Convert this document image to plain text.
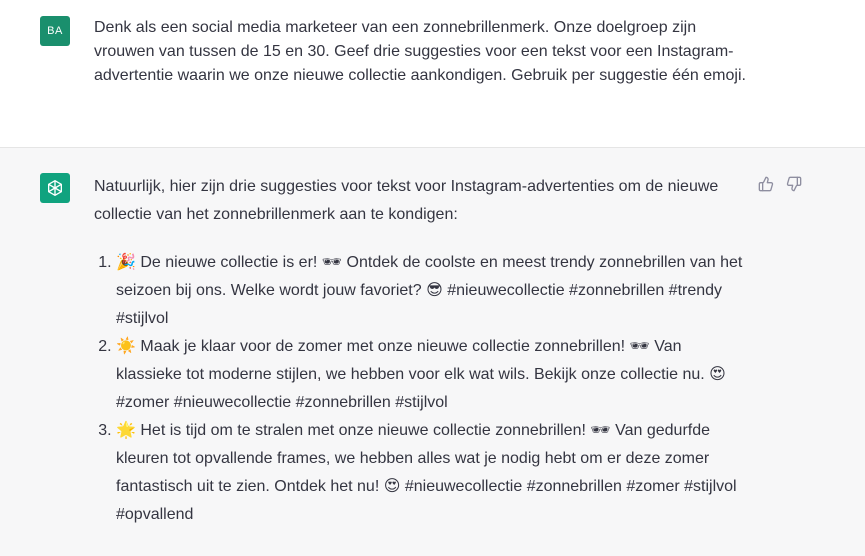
BA Denk als een social media marketeer van een zonnebrillenmerk. Onze doelgroep zijn vrouwen van tussen de 15 en 30. Geef drie suggesties voor een tekst voor een Instagram-advertentie waarin we onze nieuwe collectie aankondigen. Gebruik per suggestie één emoji.

Natuurlijk, hier zijn drie suggesties voor tekst voor Instagram-advertenties om de nieuwe collectie van het zonnebrillenmerk aan te kondigen:

1. 🎉 De nieuwe collectie is er! 🕶 Ontdek de coolste en meest trendy zonnebrillen van het seizoen bij ons. Welke wordt jouw favoriet? 😎 #nieuwecollectie #zonnebrillen #trendy #stijlvol
2. ☀️ Maak je klaar voor de zomer met onze nieuwe collectie zonnebrillen! 🕶 Van klassieke tot moderne stijlen, we hebben voor elk wat wils. Bekijk onze collectie nu. 😍 #zomer #nieuwecollectie #zonnebrillen #stijlvol
3. 🌟 Het is tijd om te stralen met onze nieuwe collectie zonnebrillen! 🕶 Van gedurfde kleuren tot opvallende frames, we hebben alles wat je nodig hebt om er deze zomer fantastisch uit te zien. Ontdek het nu! 😍 #nieuwecollectie #zonnebrillen #zomer #stijlvol #opvallend
